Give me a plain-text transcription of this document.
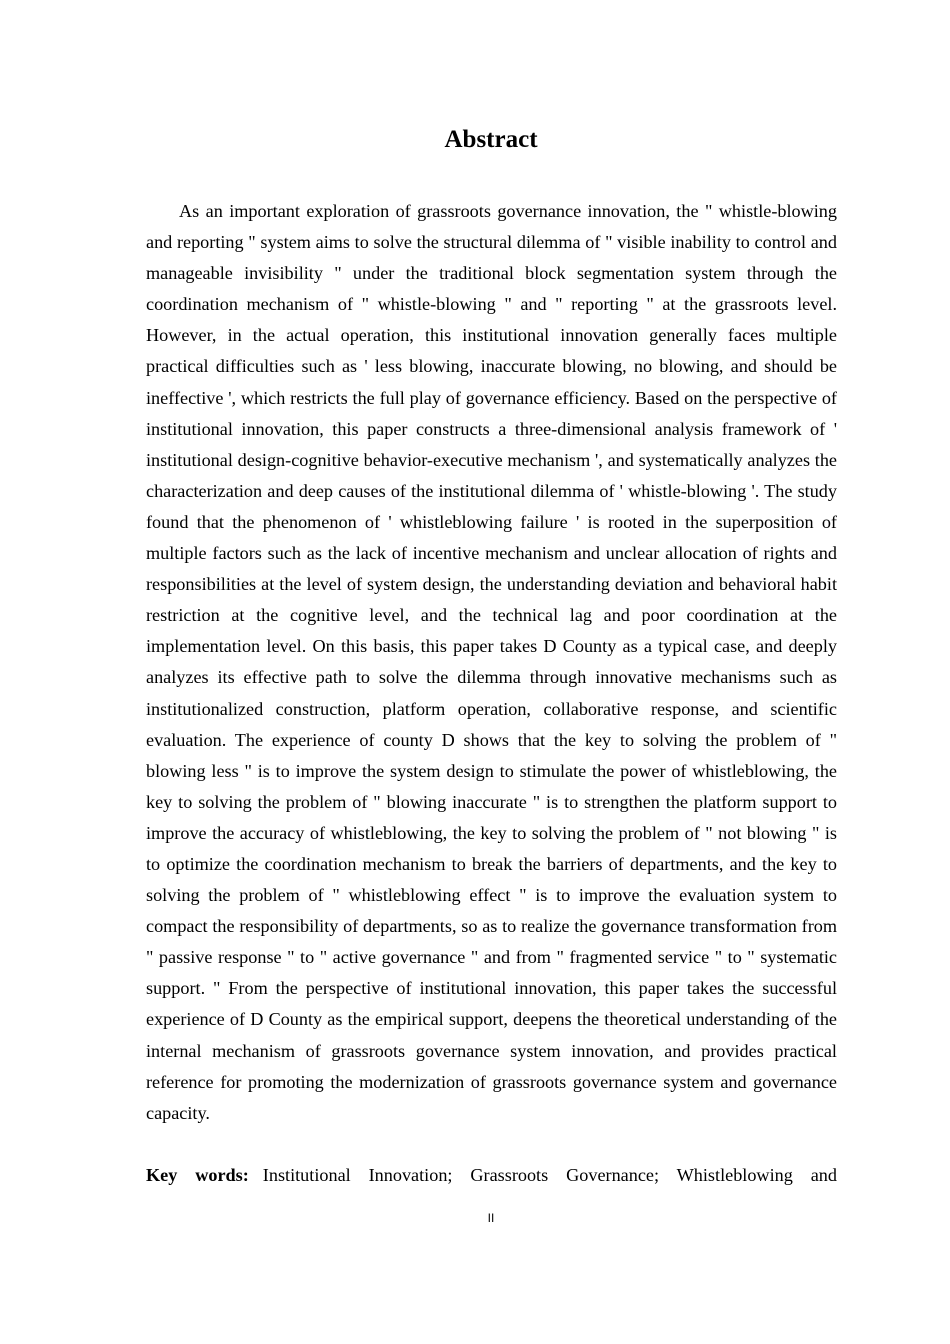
Abstract

As an important exploration of grassroots governance innovation, the " whistle-blowing and reporting " system aims to solve the structural dilemma of " visible inability to control and manageable invisibility " under the traditional block segmentation system through the coordination mechanism of " whistle-blowing " and " reporting " at the grassroots level. However, in the actual operation, this institutional innovation generally faces multiple practical difficulties such as ' less blowing, inaccurate blowing, no blowing, and should be ineffective ', which restricts the full play of governance efficiency. Based on the perspective of institutional innovation, this paper constructs a three-dimensional analysis framework of ' institutional design-cognitive behavior-executive mechanism ', and systematically analyzes the characterization and deep causes of the institutional dilemma of ' whistle-blowing '. The study found that the phenomenon of ' whistleblowing failure ' is rooted in the superposition of multiple factors such as the lack of incentive mechanism and unclear allocation of rights and responsibilities at the level of system design, the understanding deviation and behavioral habit restriction at the cognitive level, and the technical lag and poor coordination at the implementation level. On this basis, this paper takes D County as a typical case, and deeply analyzes its effective path to solve the dilemma through innovative mechanisms such as institutionalized construction, platform operation, collaborative response, and scientific evaluation. The experience of county D shows that the key to solving the problem of " blowing less " is to improve the system design to stimulate the power of whistleblowing, the key to solving the problem of " blowing inaccurate " is to strengthen the platform support to improve the accuracy of whistleblowing, the key to solving the problem of " not blowing " is to optimize the coordination mechanism to break the barriers of departments, and the key to solving the problem of " whistleblowing effect " is to improve the evaluation system to compact the responsibility of departments, so as to realize the governance transformation from " passive response " to " active governance " and from " fragmented service " to " systematic support. " From the perspective of institutional innovation, this paper takes the successful experience of D County as the empirical support, deepens the theoretical understanding of the internal mechanism of grassroots governance system innovation, and provides practical reference for promoting the modernization of grassroots governance system and governance capacity.

Key words: Institutional Innovation; Grassroots Governance; Whistleblowing and

II
